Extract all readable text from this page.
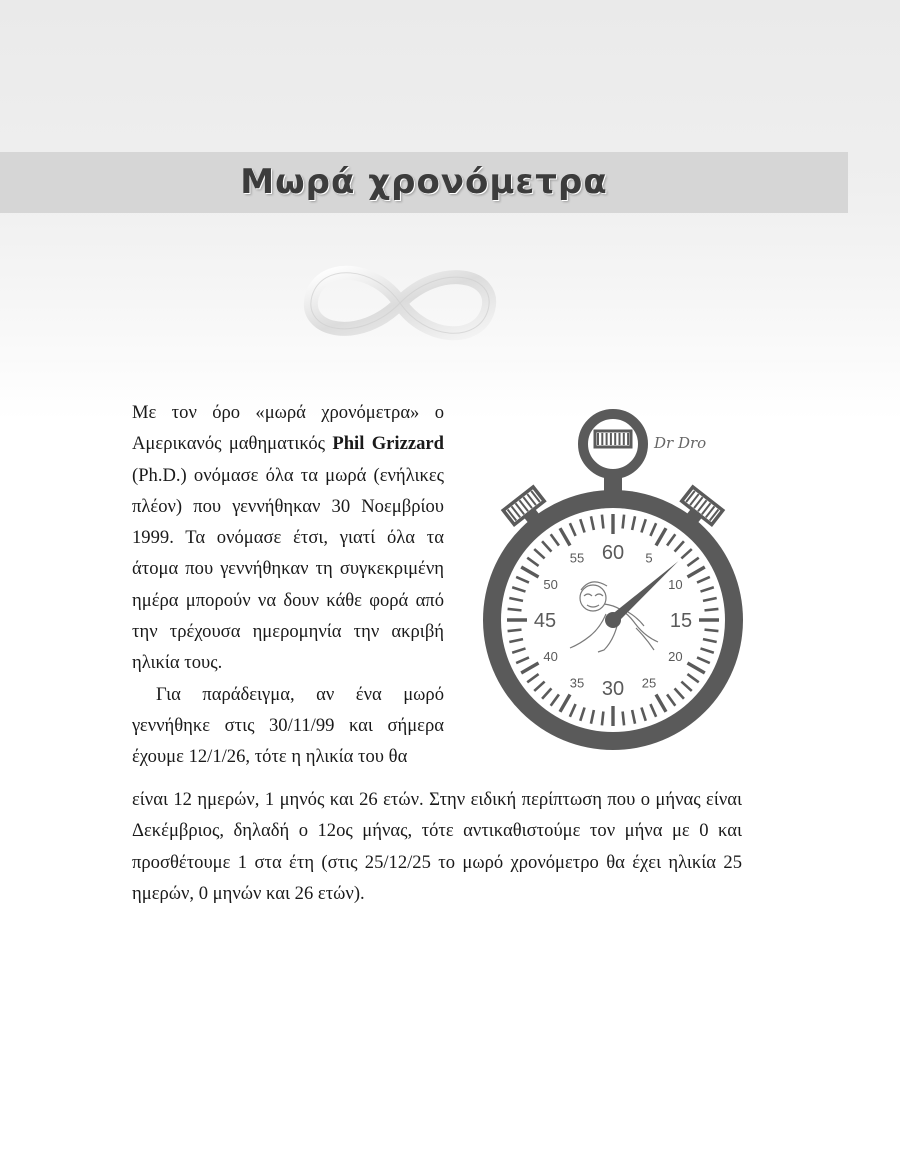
Μωρά χρονόμετρα

Με τον όρο «μωρά χρονόμετρα» ο Αμερικανός μαθηματικός Phil Grizzard (Ph.D.) ονόμασε όλα τα μωρά (ενήλικες πλέον) που γεννήθηκαν 30 Νοεμβρίου 1999. Τα ονόμασε έτσι, γιατί όλα τα άτομα που γεννήθηκαν τη συγκεκριμένη ημέρα μπορούν να δουν κάθε φορά από την τρέχουσα ημερομηνία την ακριβή ηλικία τους.

Για παράδειγμα, αν ένα μωρό γεννήθηκε στις 30/11/99 και σήμερα έχουμε 12/1/26, τότε η ηλικία του θα

είναι 12 ημερών, 1 μηνός και 26 ετών. Στην ειδική περίπτωση που ο μήνας είναι Δεκέμβριος, δηλαδή ο 12ος μήνας, τότε αντικαθιστούμε τον μήνα με 0 και προσθέτουμε 1 στα έτη (στις 25/12/25 το μωρό χρονόμετρο θα έχει ηλικία 25 ημερών, 0 μηνών και 26 ετών).

60 5
10
15
20
25
30
35
40
45
50
55
Dr Dro
